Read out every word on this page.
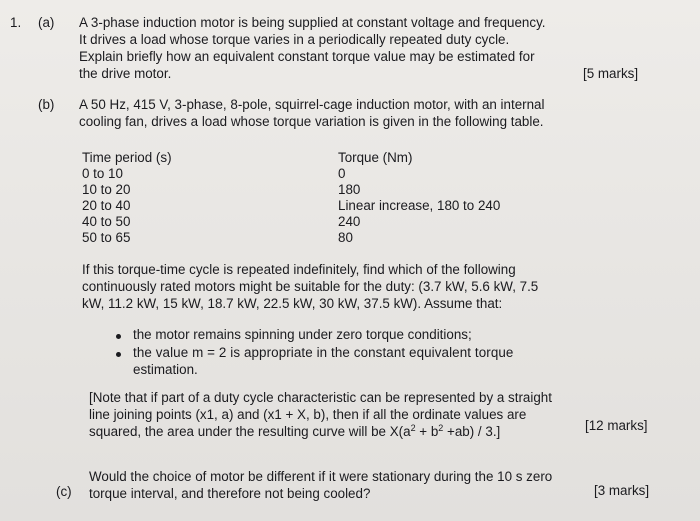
1. (a) A 3-phase induction motor is being supplied at constant voltage and frequency.
It drives a load whose torque varies in a periodically repeated duty cycle.
Explain briefly how an equivalent constant torque value may be estimated for
the drive motor.	[5 marks]
(b) A 50 Hz, 415 V, 3-phase, 8-pole, squirrel-cage induction motor, with an internal
cooling fan, drives a load whose torque variation is given in the following table.
Time period (s)	Torque (Nm)
0 to 10	0
10 to 20	180
20 to 40	Linear increase, 180 to 240
40 to 50	240
50 to 65	80
If this torque-time cycle is repeated indefinitely, find which of the following
continuously rated motors might be suitable for the duty: (3.7 kW, 5.6 kW, 7.5
kW, 11.2 kW, 15 kW, 18.7 kW, 22.5 kW, 30 kW, 37.5 kW). Assume that:
the motor remains spinning under zero torque conditions;
the value m = 2 is appropriate in the constant equivalent torque
estimation.
[Note that if part of a duty cycle characteristic can be represented by a straight
line joining points (x1, a) and (x1 + X, b), then if all the ordinate values are
squared, the area under the resulting curve will be $X(a^2 + b^2 +ab) / 3$.]	[12 marks]
(c)
Would the choice of motor be different if it were stationary during the 10 s zero
torque interval, and therefore not being cooled?	[3 marks]
